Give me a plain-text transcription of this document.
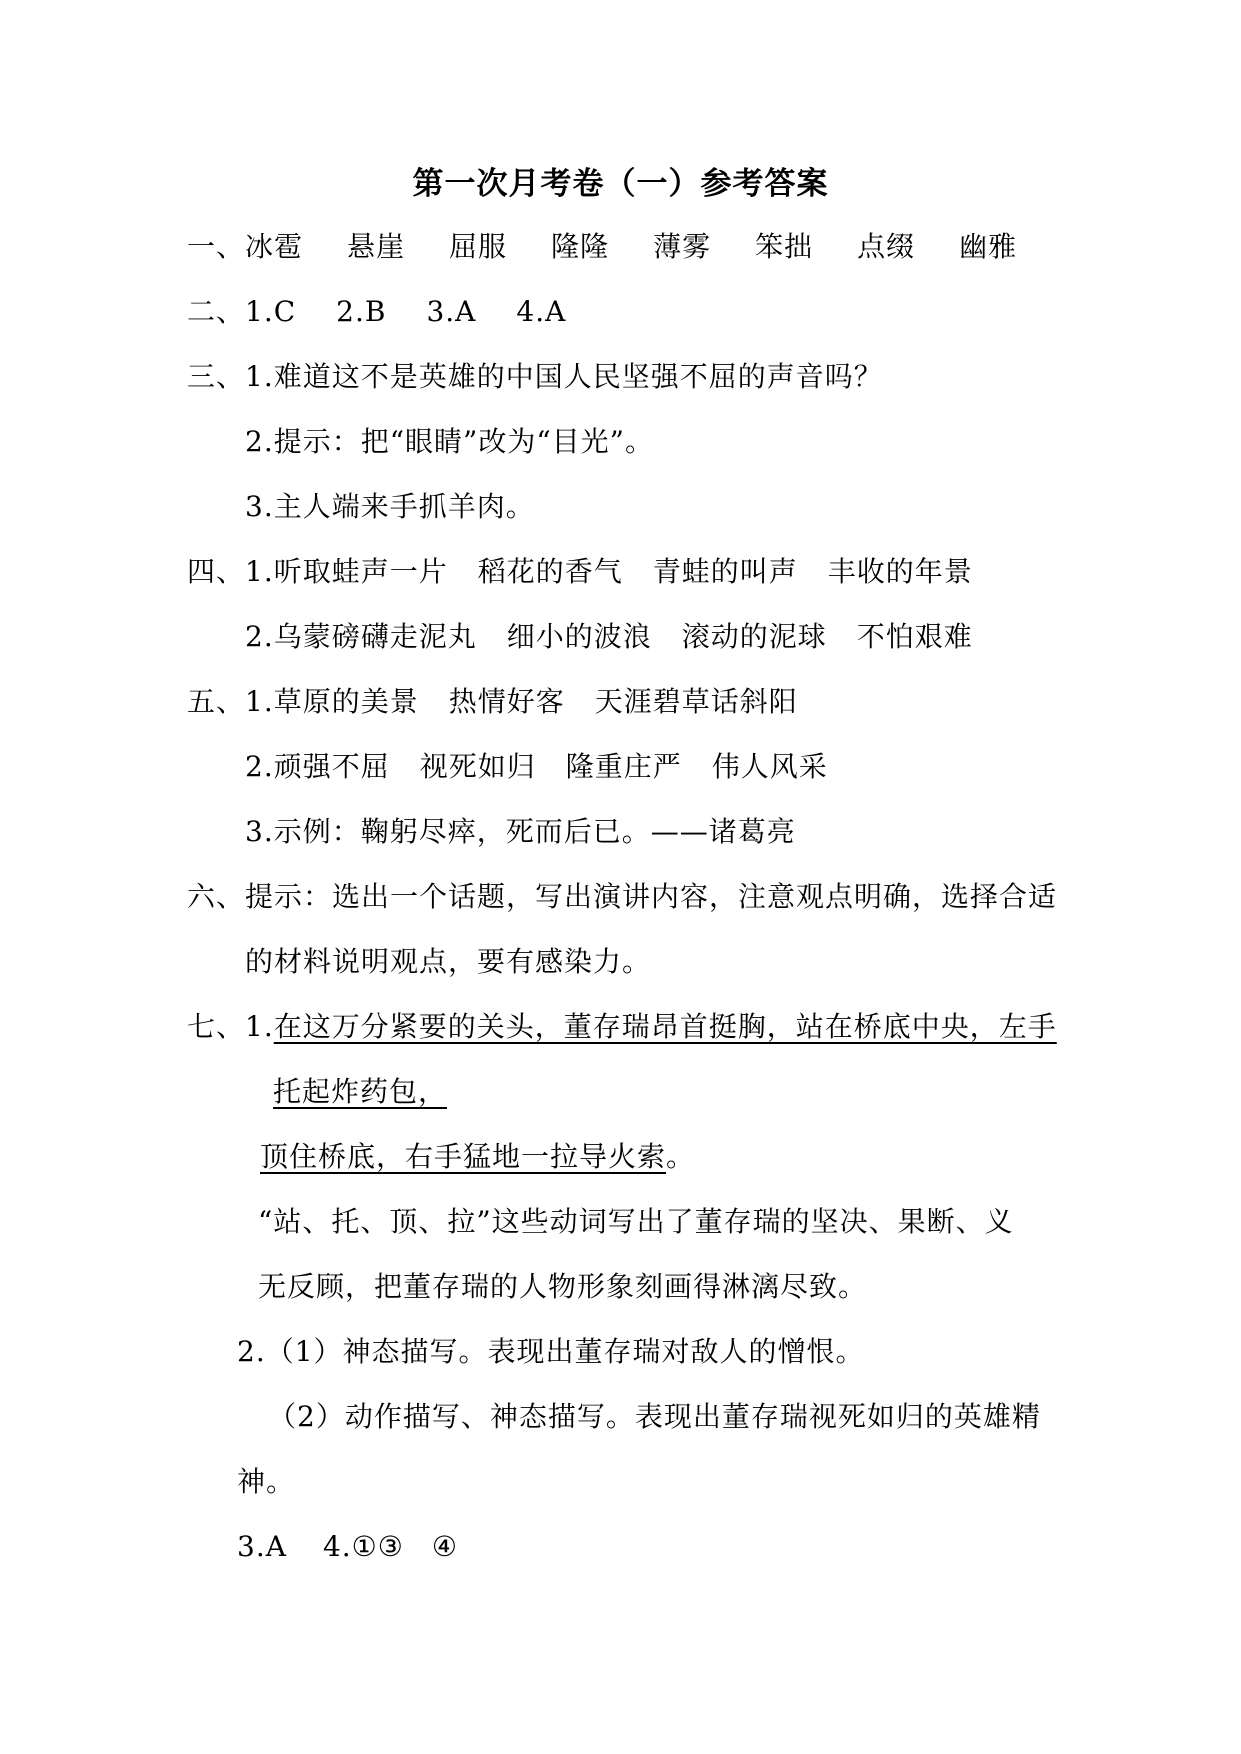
第一次月考卷（一）参考答案
一、冰雹 悬崖 屈服 隆隆 薄雾 笨拙 点缀 幽雅
二、1.C 2.B 3.A 4.A
三、1.难道这不是英雄的中国人民坚强不屈的声音吗？
2.提示：把“眼睛”改为“目光”。
3.主人端来手抓羊肉。
四、1.听取蛙声一片 稻花的香气 青蛙的叫声 丰收的年景
2.乌蒙磅礴走泥丸 细小的波浪 滚动的泥球 不怕艰难
五、1.草原的美景 热情好客 天涯碧草话斜阳
2.顽强不屈 视死如归 隆重庄严 伟人风采
3.示例：鞠躬尽瘁，死而后已。——诸葛亮
六、提示：选出一个话题，写出演讲内容，注意观点明确，选择合适
的材料说明观点，要有感染力。
七、1.在这万分紧要的关头，董存瑞昂首挺胸，站在桥底中央，左手
托起炸药包，
顶住桥底，右手猛地一拉导火索。
“站、托、顶、拉”这些动词写出了董存瑞的坚决、果断、义
无反顾，把董存瑞的人物形象刻画得淋漓尽致。
2.（1）神态描写。表现出董存瑞对敌人的憎恨。
（2）动作描写、神态描写。表现出董存瑞视死如归的英雄精
神。
3.A 4.①③ ④
